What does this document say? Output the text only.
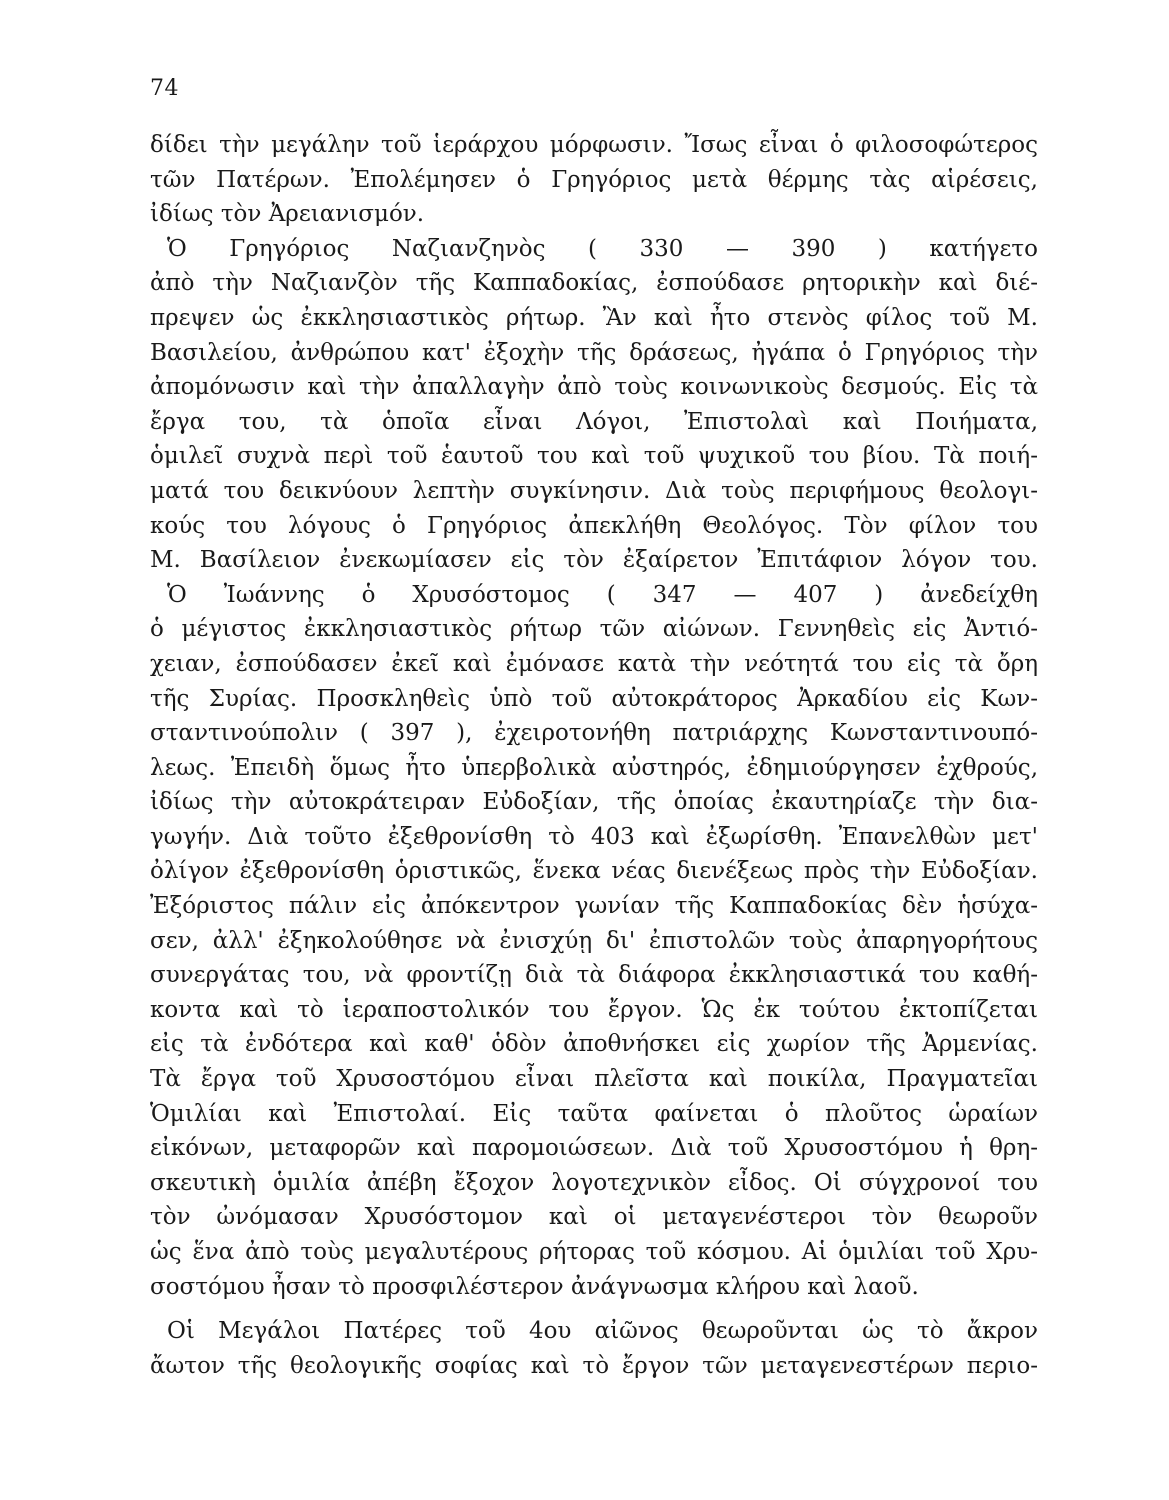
74
δίδει τὴν μεγάλην τοῦ ἱεράρχου μόρφωσιν. Ἴσως εἶναι ὁ φιλοσοφώτερος
τῶν Πατέρων. Ἐπολέμησεν ὁ Γρηγόριος μετὰ θέρμης τὰς αἱρέσεις,
ἰδίως τὸν Ἀρειανισμόν.
Ὁ Γρηγόριος Ναζιανζηνὸς ( 330 — 390 ) κατήγετο
ἀπὸ τὴν Ναζιανζὸν τῆς Καππαδοκίας, ἐσπούδασε ρητορικὴν καὶ διέ-
πρεψεν ὡς ἐκκλησιαστικὸς ρήτωρ. Ἂν καὶ ἦτο στενὸς φίλος τοῦ Μ.
Βασιλείου, ἀνθρώπου κατ' ἐξοχὴν τῆς δράσεως, ἠγάπα ὁ Γρηγόριος τὴν
ἀπομόνωσιν καὶ τὴν ἀπαλλαγὴν ἀπὸ τοὺς κοινωνικοὺς δεσμούς. Εἰς τὰ
ἔργα του, τὰ ὁποῖα εἶναι Λόγοι, Ἐπιστολαὶ καὶ Ποιήματα,
ὁμιλεῖ συχνὰ περὶ τοῦ ἑαυτοῦ του καὶ τοῦ ψυχικοῦ του βίου. Τὰ ποιή-
ματά του δεικνύουν λεπτὴν συγκίνησιν. Διὰ τοὺς περιφήμους θεολογι-
κούς του λόγους ὁ Γρηγόριος ἀπεκλήθη Θεολόγος. Τὸν φίλον του
Μ. Βασίλειον ἐνεκωμίασεν εἰς τὸν ἐξαίρετον Ἐπιτάφιον λόγον του.
Ὁ Ἰωάννης ὁ Χρυσόστομος ( 347 — 407 ) ἀνεδείχθη
ὁ μέγιστος ἐκκλησιαστικὸς ρήτωρ τῶν αἰώνων. Γεννηθεὶς εἰς Ἀντιό-
χειαν, ἐσπούδασεν ἐκεῖ καὶ ἐμόνασε κατὰ τὴν νεότητά του εἰς τὰ ὄρη
τῆς Συρίας. Προσκληθεὶς ὑπὸ τοῦ αὐτοκράτορος Ἀρκαδίου εἰς Κων-
σταντινούπολιν ( 397 ), ἐχειροτονήθη πατριάρχης Κωνσταντινουπό-
λεως. Ἐπειδὴ ὅμως ἦτο ὑπερβολικὰ αὐστηρός, ἐδημιούργησεν ἐχθρούς,
ἰδίως τὴν αὐτοκράτειραν Εὐδοξίαν, τῆς ὁποίας ἐκαυτηρίαζε τὴν δια-
γωγήν. Διὰ τοῦτο ἐξεθρονίσθη τὸ 403 καὶ ἐξωρίσθη. Ἐπανελθὼν μετ'
ὀλίγον ἐξεθρονίσθη ὁριστικῶς, ἕνεκα νέας διενέξεως πρὸς τὴν Εὐδοξίαν.
Ἐξόριστος πάλιν εἰς ἀπόκεντρον γωνίαν τῆς Καππαδοκίας δὲν ἡσύχα-
σεν, ἀλλ' ἐξηκολούθησε νὰ ἐνισχύῃ δι' ἐπιστολῶν τοὺς ἀπαρηγορήτους
συνεργάτας του, νὰ φροντίζῃ διὰ τὰ διάφορα ἐκκλησιαστικά του καθή-
κοντα καὶ τὸ ἱεραποστολικόν του ἔργον. Ὡς ἐκ τούτου ἐκτοπίζεται
εἰς τὰ ἐνδότερα καὶ καθ' ὁδὸν ἀποθνήσκει εἰς χωρίον τῆς Ἀρμενίας.
Τὰ ἔργα τοῦ Χρυσοστόμου εἶναι πλεῖστα καὶ ποικίλα, Πραγματεῖαι
Ὁμιλίαι καὶ Ἐπιστολαί. Εἰς ταῦτα φαίνεται ὁ πλοῦτος ὡραίων
εἰκόνων, μεταφορῶν καὶ παρομοιώσεων. Διὰ τοῦ Χρυσοστόμου ἡ θρη-
σκευτικὴ ὁμιλία ἀπέβη ἔξοχον λογοτεχνικὸν εἶδος. Οἱ σύγχρονοί του
τὸν ὠνόμασαν Χρυσόστομον καὶ οἱ μεταγενέστεροι τὸν θεωροῦν
ὡς ἕνα ἀπὸ τοὺς μεγαλυτέρους ρήτορας τοῦ κόσμου. Αἱ ὁμιλίαι τοῦ Χρυ-
σοστόμου ἦσαν τὸ προσφιλέστερον ἀνάγνωσμα κλήρου καὶ λαοῦ.
Οἱ Μεγάλοι Πατέρες τοῦ 4ου αἰῶνος θεωροῦνται ὡς τὸ ἄκρον
ἄωτον τῆς θεολογικῆς σοφίας καὶ τὸ ἔργον τῶν μεταγενεστέρων περιο-
